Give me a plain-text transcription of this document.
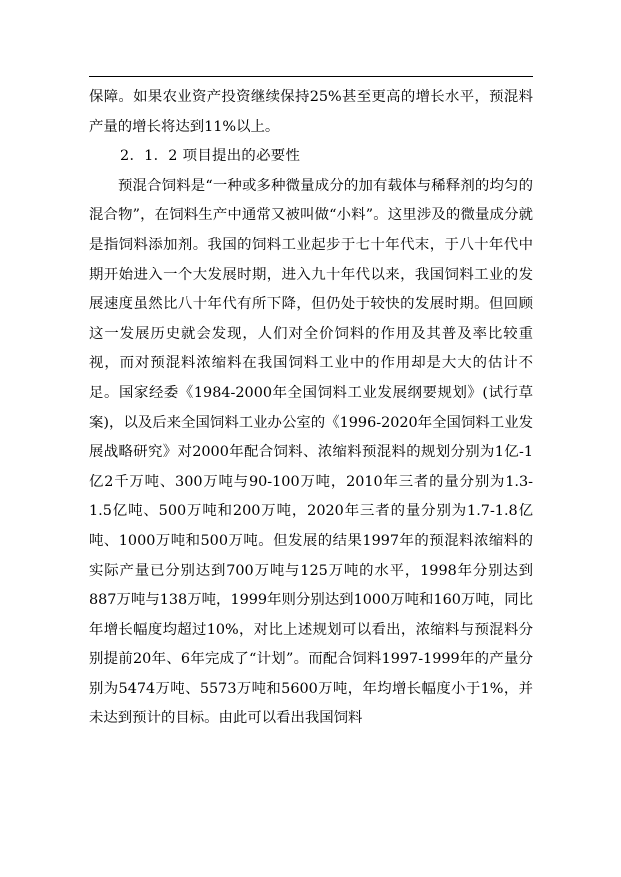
保障。如果农业资产投资继续保持25%甚至更高的增长水平，预混料产量的增长将达到11%以上。

2．1．2 项目提出的必要性

预混合饲料是“一种或多种微量成分的加有载体与稀释剂的均匀的混合物”，在饲料生产中通常又被叫做“小料”。这里涉及的微量成分就是指饲料添加剂。我国的饲料工业起步于七十年代末，于八十年代中期开始进入一个大发展时期，进入九十年代以来，我国饲料工业的发展速度虽然比八十年代有所下降，但仍处于较快的发展时期。但回顾这一发展历史就会发现，人们对全价饲料的作用及其普及率比较重视，而对预混料浓缩料在我国饲料工业中的作用却是大大的估计不足。国家经委《1984-2000年全国饲料工业发展纲要规划》(试行草案)，以及后来全国饲料工业办公室的《1996-2020年全国饲料工业发展战略研究》对2000年配合饲料、浓缩料预混料的规划分别为1亿-1亿2千万吨、300万吨与90-100万吨，2010年三者的量分别为1.3-1.5亿吨、500万吨和200万吨，2020年三者的量分别为1.7-1.8亿吨、1000万吨和500万吨。但发展的结果1997年的预混料浓缩料的实际产量已分别达到700万吨与125万吨的水平，1998年分别达到887万吨与138万吨，1999年则分别达到1000万吨和160万吨，同比年增长幅度均超过10%，对比上述规划可以看出，浓缩料与预混料分别提前20年、6年完成了“计划”。而配合饲料1997-1999年的产量分别为5474万吨、5573万吨和5600万吨，年均增长幅度小于1%，并未达到预计的目标。由此可以看出我国饲料
